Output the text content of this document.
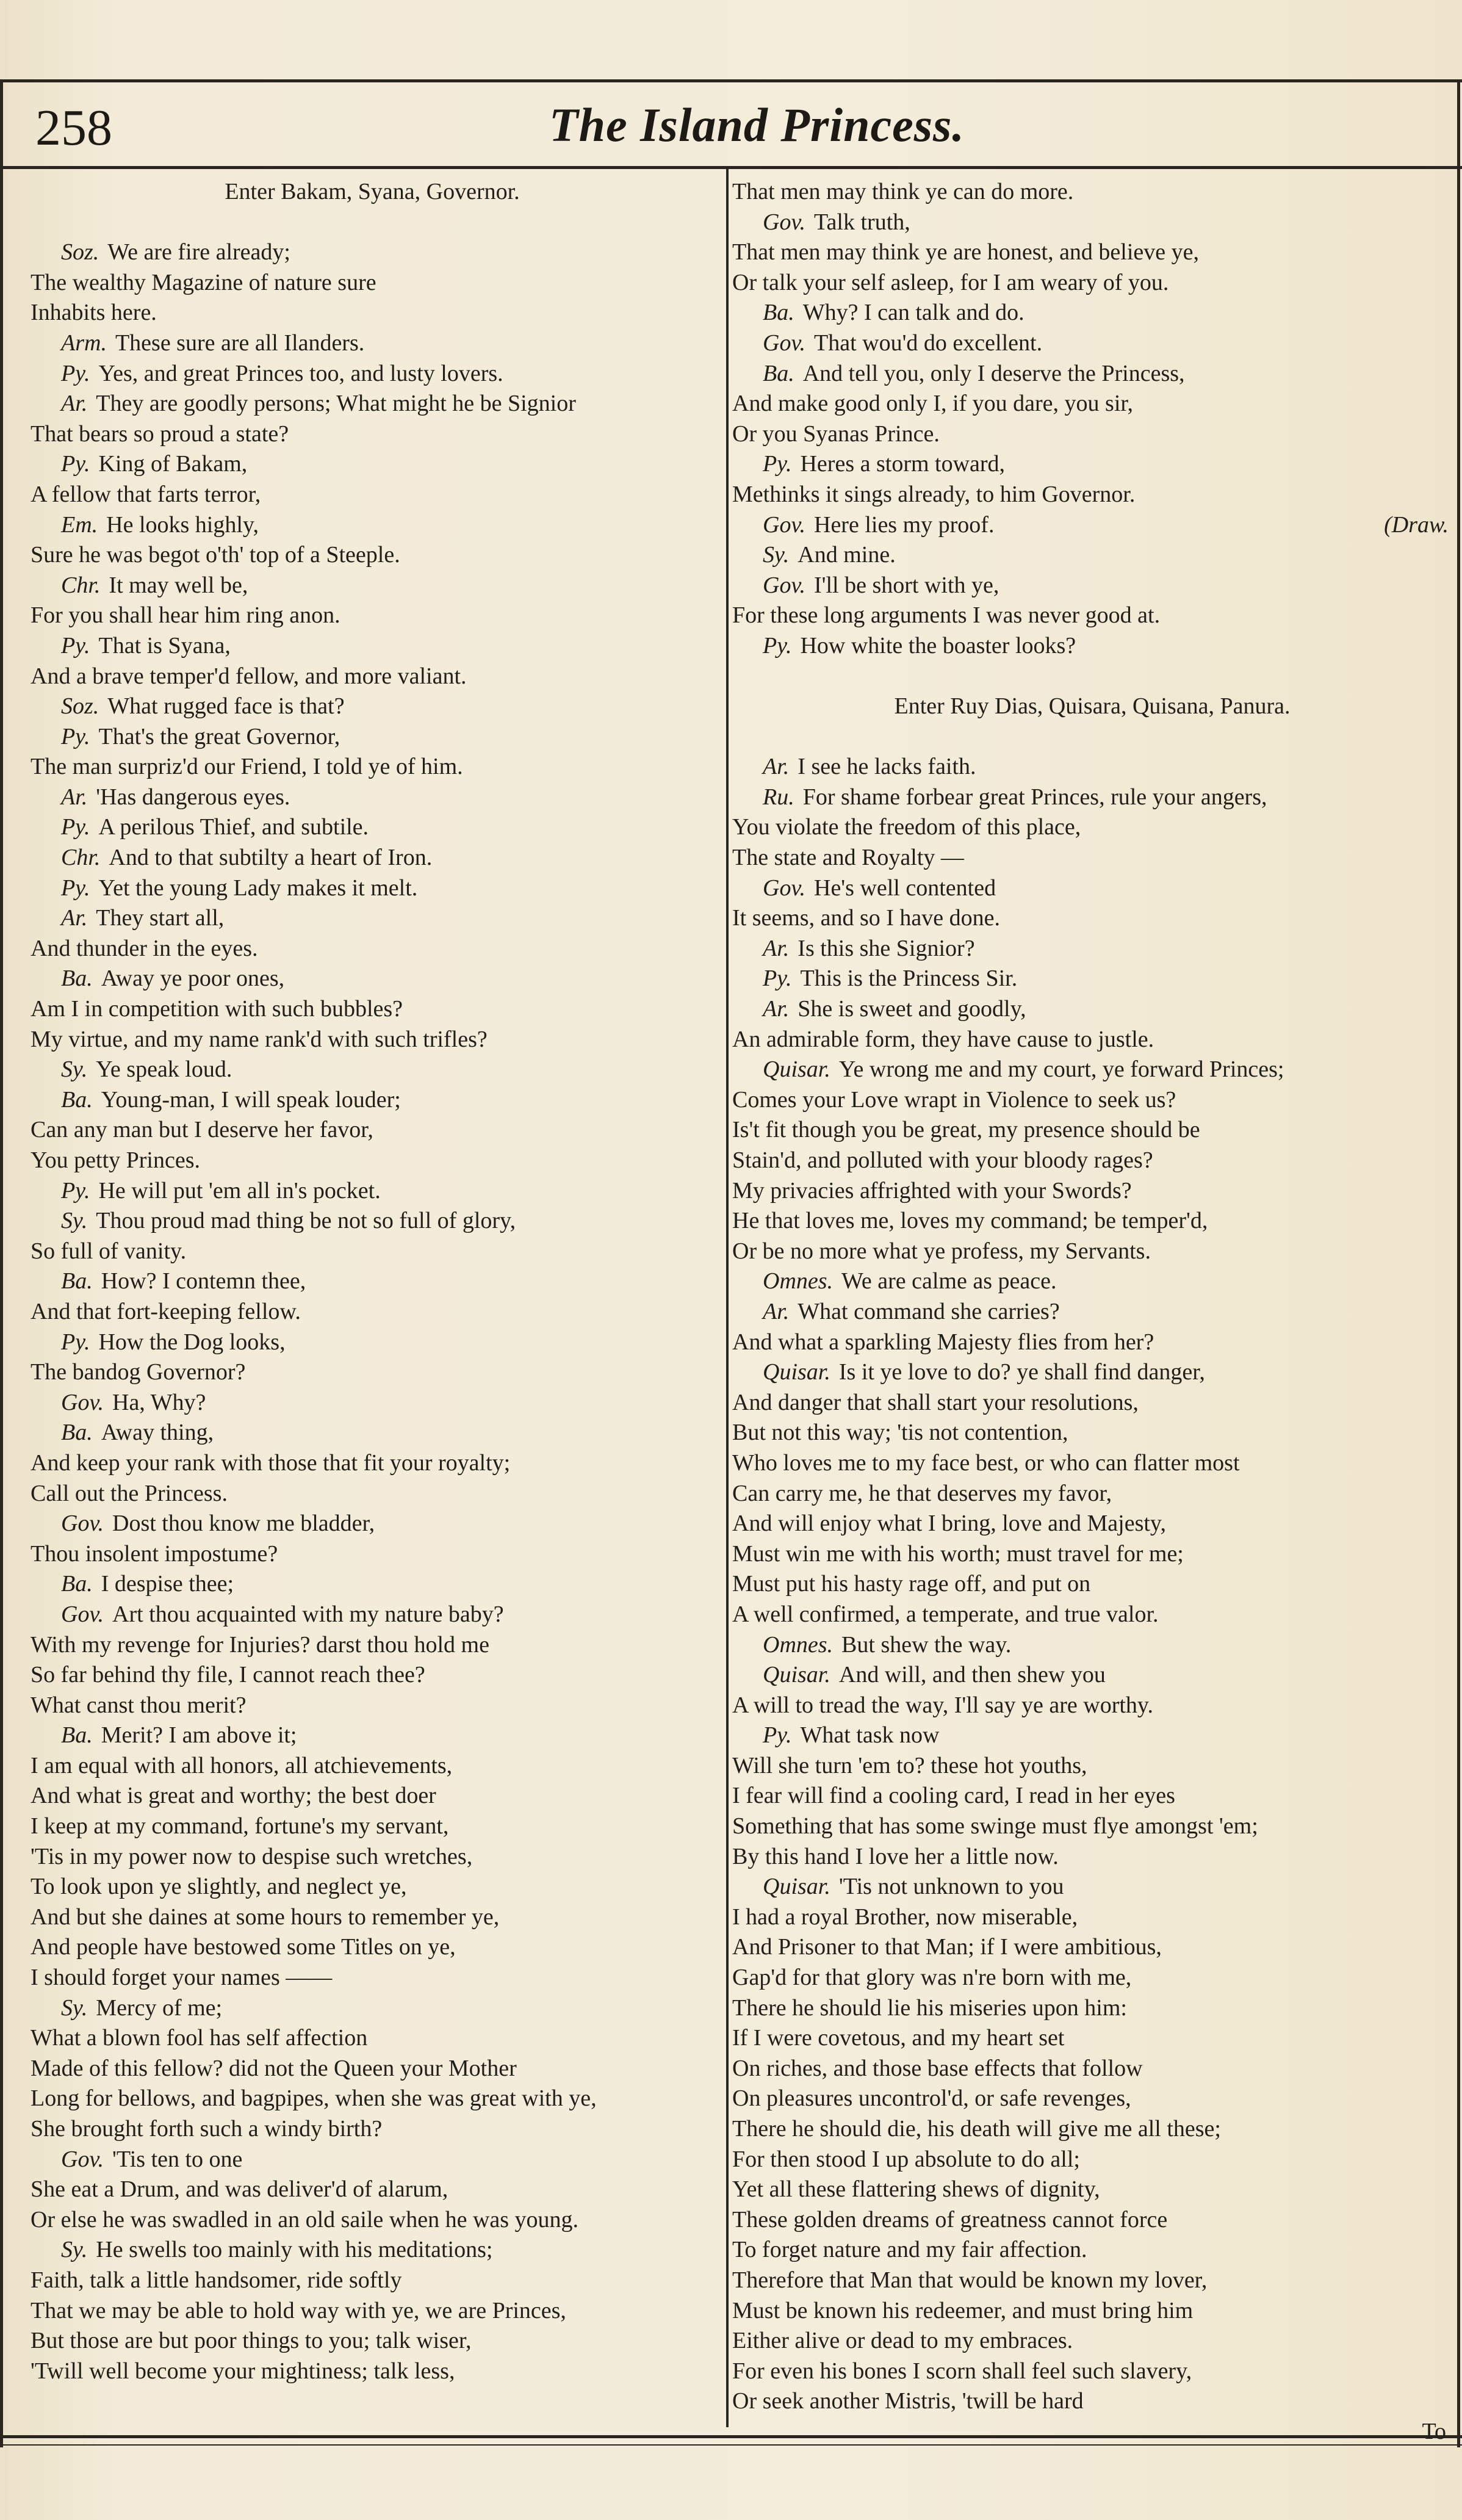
258	The Island Princess.
Enter Bakam, Syana, Governor.
Soz. We are fire already;
The wealthy Magazine of nature sure
Inhabits here.
Arm. These sure are all Ilanders.
Py. Yes, and great Princes too, and lusty lovers.
Ar. They are goodly persons; What might he be Signior
That bears so proud a state?
Py. King of Bakam,
A fellow that farts terror,
Em. He looks highly,
Sure he was begot o'th' top of a Steeple.
Chr. It may well be,
For you shall hear him ring anon.
Py. That is Syana,
And a brave temper'd fellow, and more valiant.
Soz. What rugged face is that?
Py. That's the great Governor,
The man surpriz'd our Friend, I told ye of him.
Ar. 'Has dangerous eyes.
Py. A perilous Thief, and subtile.
Chr. And to that subtilty a heart of Iron.
Py. Yet the young Lady makes it melt.
Ar. They start all,
And thunder in the eyes.
Ba. Away ye poor ones,
Am I in competition with such bubbles?
My virtue, and my name rank'd with such trifles?
Sy. Ye speak loud.
Ba. Young-man, I will speak louder;
Can any man but I deserve her favor,
You petty Princes.
Py. He will put 'em all in's pocket.
Sy. Thou proud mad thing be not so full of glory,
So full of vanity.
Ba. How? I contemn thee,
And that fort-keeping fellow.
Py. How the Dog looks,
The bandog Governor?
Gov. Ha, Why?
Ba. Away thing,
And keep your rank with those that fit your royalty;
Call out the Princess.
Gov. Dost thou know me bladder,
Thou insolent impostume?
Ba. I despise thee;
Gov. Art thou acquainted with my nature baby?
With my revenge for Injuries? darst thou hold me
So far behind thy file, I cannot reach thee?
What canst thou merit?
Ba. Merit? I am above it;
I am equal with all honors, all atchievements,
And what is great and worthy; the best doer
I keep at my command, fortune's my servant,
'Tis in my power now to despise such wretches,
To look upon ye slightly, and neglect ye,
And but she daines at some hours to remember ye,
And people have bestowed some Titles on ye,
I should forget your names ——
Sy. Mercy of me;
What a blown fool has self affection
Made of this fellow? did not the Queen your Mother
Long for bellows, and bagpipes, when she was great with ye,
She brought forth such a windy birth?
Gov. 'Tis ten to one
She eat a Drum, and was deliver'd of alarum,
Or else he was swadled in an old saile when he was young.
Sy. He swells too mainly with his meditations;
Faith, talk a little handsomer, ride softly
That we may be able to hold way with ye, we are Princes,
But those are but poor things to you; talk wiser,
'Twill well become your mightiness; talk less,
That men may think ye can do more.
Gov. Talk truth,
That men may think ye are honest, and believe ye,
Or talk your self asleep, for I am weary of you.
Ba. Why? I can talk and do.
Gov. That wou'd do excellent.
Ba. And tell you, only I deserve the Princess,
And make good only I, if you dare, you sir,
Or you Syanas Prince.
Py. Heres a storm toward,
Methinks it sings already, to him Governor.
Gov. Here lies my proof.	(Draw.
Sy. And mine.
Gov. I'll be short with ye,
For these long arguments I was never good at.
Py. How white the boaster looks?
Enter Ruy Dias, Quisara, Quisana, Panura.
Ar. I see he lacks faith.
Ru. For shame forbear great Princes, rule your angers,
You violate the freedom of this place,
The state and Royalty —
Gov. He's well contented
It seems, and so I have done.
Ar. Is this she Signior?
Py. This is the Princess Sir.
Ar. She is sweet and goodly,
An admirable form, they have cause to justle.
Quisar. Ye wrong me and my court, ye forward Princes;
Comes your Love wrapt in Violence to seek us?
Is't fit though you be great, my presence should be
Stain'd, and polluted with your bloody rages?
My privacies affrighted with your Swords?
He that loves me, loves my command; be temper'd,
Or be no more what ye profess, my Servants.
Omnes. We are calme as peace.
Ar. What command she carries?
And what a sparkling Majesty flies from her?
Quisar. Is it ye love to do? ye shall find danger,
And danger that shall start your resolutions,
But not this way; 'tis not contention,
Who loves me to my face best, or who can flatter most
Can carry me, he that deserves my favor,
And will enjoy what I bring, love and Majesty,
Must win me with his worth; must travel for me;
Must put his hasty rage off, and put on
A well confirmed, a temperate, and true valor.
Omnes. But shew the way.
Quisar. And will, and then shew you
A will to tread the way, I'll say ye are worthy.
Py. What task now
Will she turn 'em to? these hot youths,
I fear will find a cooling card, I read in her eyes
Something that has some swinge must flye amongst 'em;
By this hand I love her a little now.
Quisar. 'Tis not unknown to you
I had a royal Brother, now miserable,
And Prisoner to that Man; if I were ambitious,
Gap'd for that glory was n're born with me,
There he should lie his miseries upon him:
If I were covetous, and my heart set
On riches, and those base effects that follow
On pleasures uncontrol'd, or safe revenges,
There he should die, his death will give me all these;
For then stood I up absolute to do all;
Yet all these flattering shews of dignity,
These golden dreams of greatness cannot force
To forget nature and my fair affection.
Therefore that Man that would be known my lover,
Must be known his redeemer, and must bring him
Either alive or dead to my embraces.
For even his bones I scorn shall feel such slavery,
Or seek another Mistris, 'twill be hard
To
